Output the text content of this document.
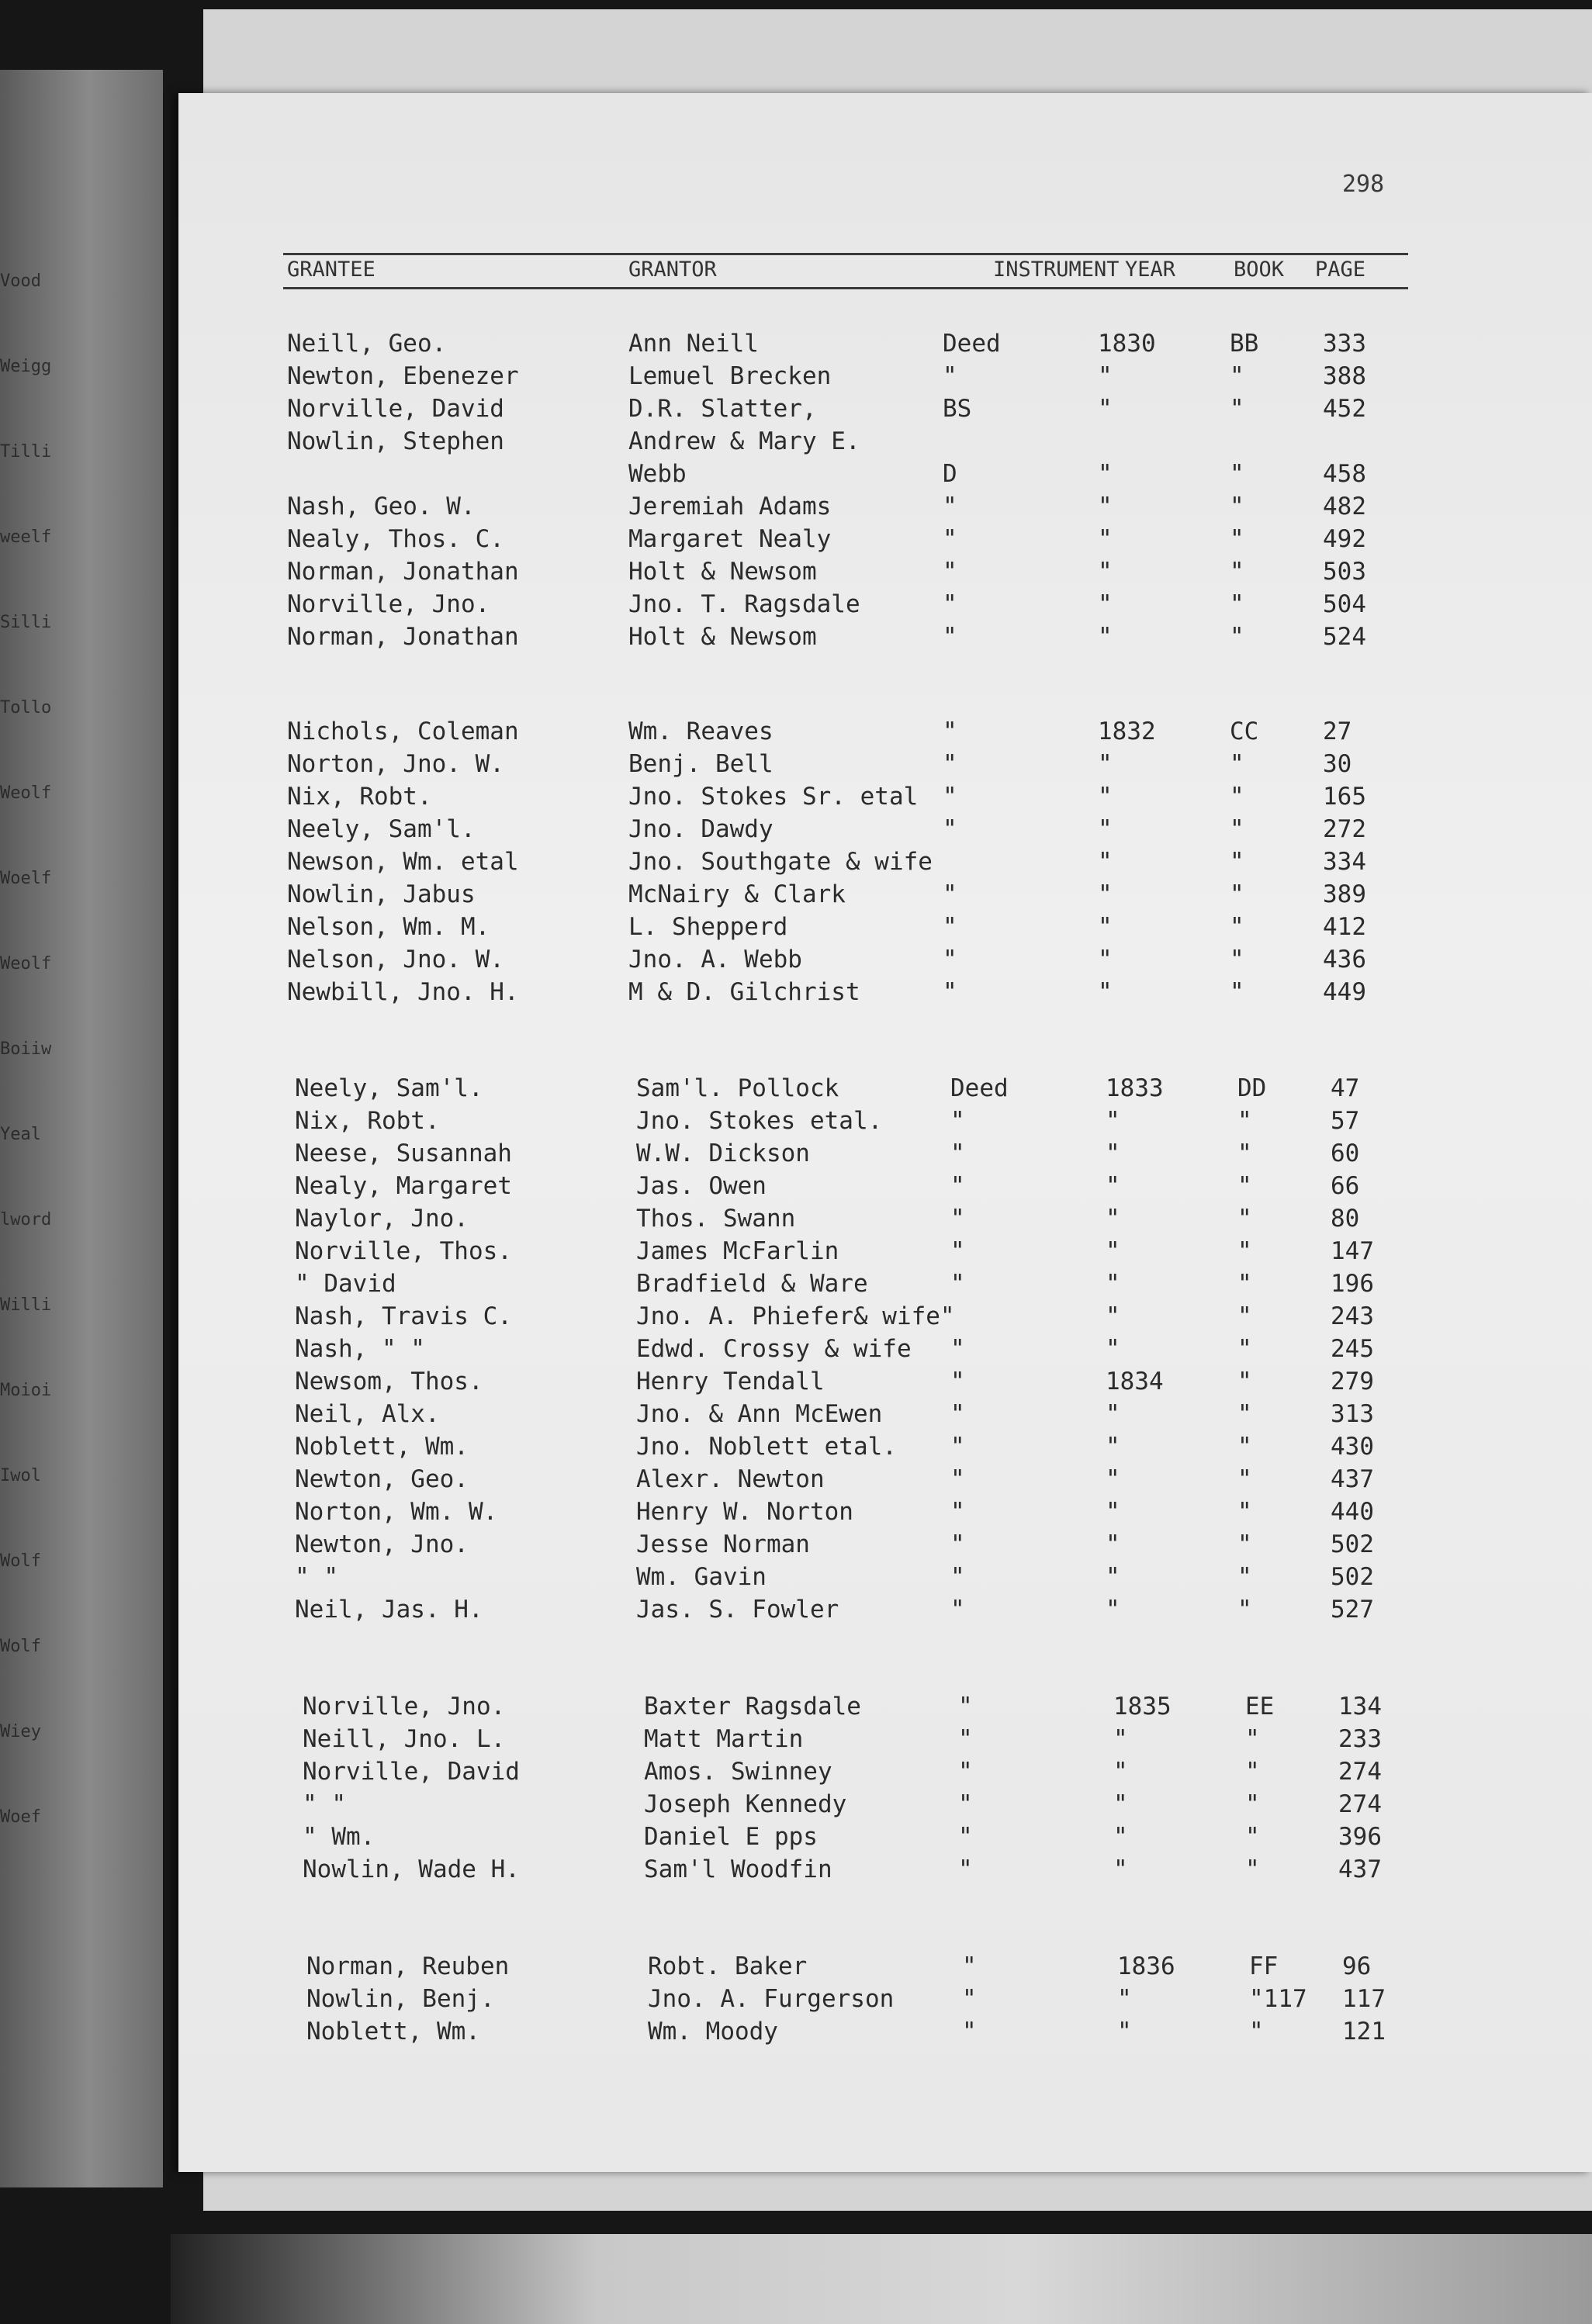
Vood
Weigg
Tilli
weelf
Silli
Tollo
Weolf
Woelf
Weolf
Boiiw
Yeal
lword
Willi
Moioi
Iwol
Wolf
Wolf
Wiey
Woef
298
GRANTEE	GRANTOR	INSTRUMENT YEAR	BOOK PAGE
Neill, Geo.	Ann Neill	Deed	1830	BB	333
Newton, Ebenezer	Lemuel Brecken	"	"	"	388
Norville, David	D.R. Slatter,	BS	"	"	452
Nowlin, Stephen	Andrew & Mary E.
Webb	D	"	"	458
Nash, Geo. W.	Jeremiah Adams	"	"	"	482
Nealy, Thos. C.	Margaret Nealy	"	"	"	492
Norman, Jonathan	Holt & Newsom	"	"	"	503
Norville, Jno.	Jno. T. Ragsdale	"	"	"	504
Norman, Jonathan	Holt & Newsom	"	"	"	524
Nichols, Coleman	Wm. Reaves	"	1832	CC	27
Norton, Jno. W.	Benj. Bell	"	"	"	30
Nix, Robt.	Jno. Stokes Sr. etal "	"	"	165
Neely, Sam'l.	Jno. Dawdy	"	"	"	272
Newson, Wm. etal	Jno. Southgate & wife	"	"	334
Nowlin, Jabus	McNairy & Clark	"	"	"	389
Nelson, Wm. M.	L. Shepperd	"	"	"	412
Nelson, Jno. W.	Jno. A. Webb	"	"	"	436
Newbill, Jno. H.	M & D. Gilchrist	"	"	"	449
Neely, Sam'l.	Sam'l. Pollock	Deed	1833	DD	47
Nix, Robt.	Jno. Stokes etal.	"	"	"	57
Neese, Susannah	W.W. Dickson	"	"	"	60
Nealy, Margaret	Jas. Owen	"	"	"	66
Naylor, Jno.	Thos. Swann	"	"	"	80
Norville, Thos.	James McFarlin	"	"	"	147
" David	Bradfield & Ware	"	"	"	196
Nash, Travis C.	Jno. A. Phiefer& wife"	"	"	243
Nash, " "	Edwd. Crossy & wife "	"	"	245
Newsom, Thos.	Henry Tendall	"	1834	"	279
Neil, Alx.	Jno. & Ann McEwen	"	"	"	313
Noblett, Wm.	Jno. Noblett etal. "	"	"	430
Newton, Geo.	Alexr. Newton	"	"	"	437
Norton, Wm. W.	Henry W. Norton	"	"	"	440
Newton, Jno.	Jesse Norman	"	"	"	502
" "	Wm. Gavin	"	"	"	502
Neil, Jas. H.	Jas. S. Fowler	"	"	"	527
Norville, Jno.	Baxter Ragsdale	"	1835	EE	134
Neill, Jno. L.	Matt Martin	"	"	"	233
Norville, David	Amos. Swinney	"	"	"	274
" "	Joseph Kennedy	"	"	"	274
" Wm.	Daniel E pps	"	"	"	396
Nowlin, Wade H.	Sam'l Woodfin	"	"	"	437
Norman, Reuben	Robt. Baker	"	1836	FF	96
Nowlin, Benj.	Jno. A. Furgerson	"	"	"117 117
Noblett, Wm.	Wm. Moody	"	"	"	121
